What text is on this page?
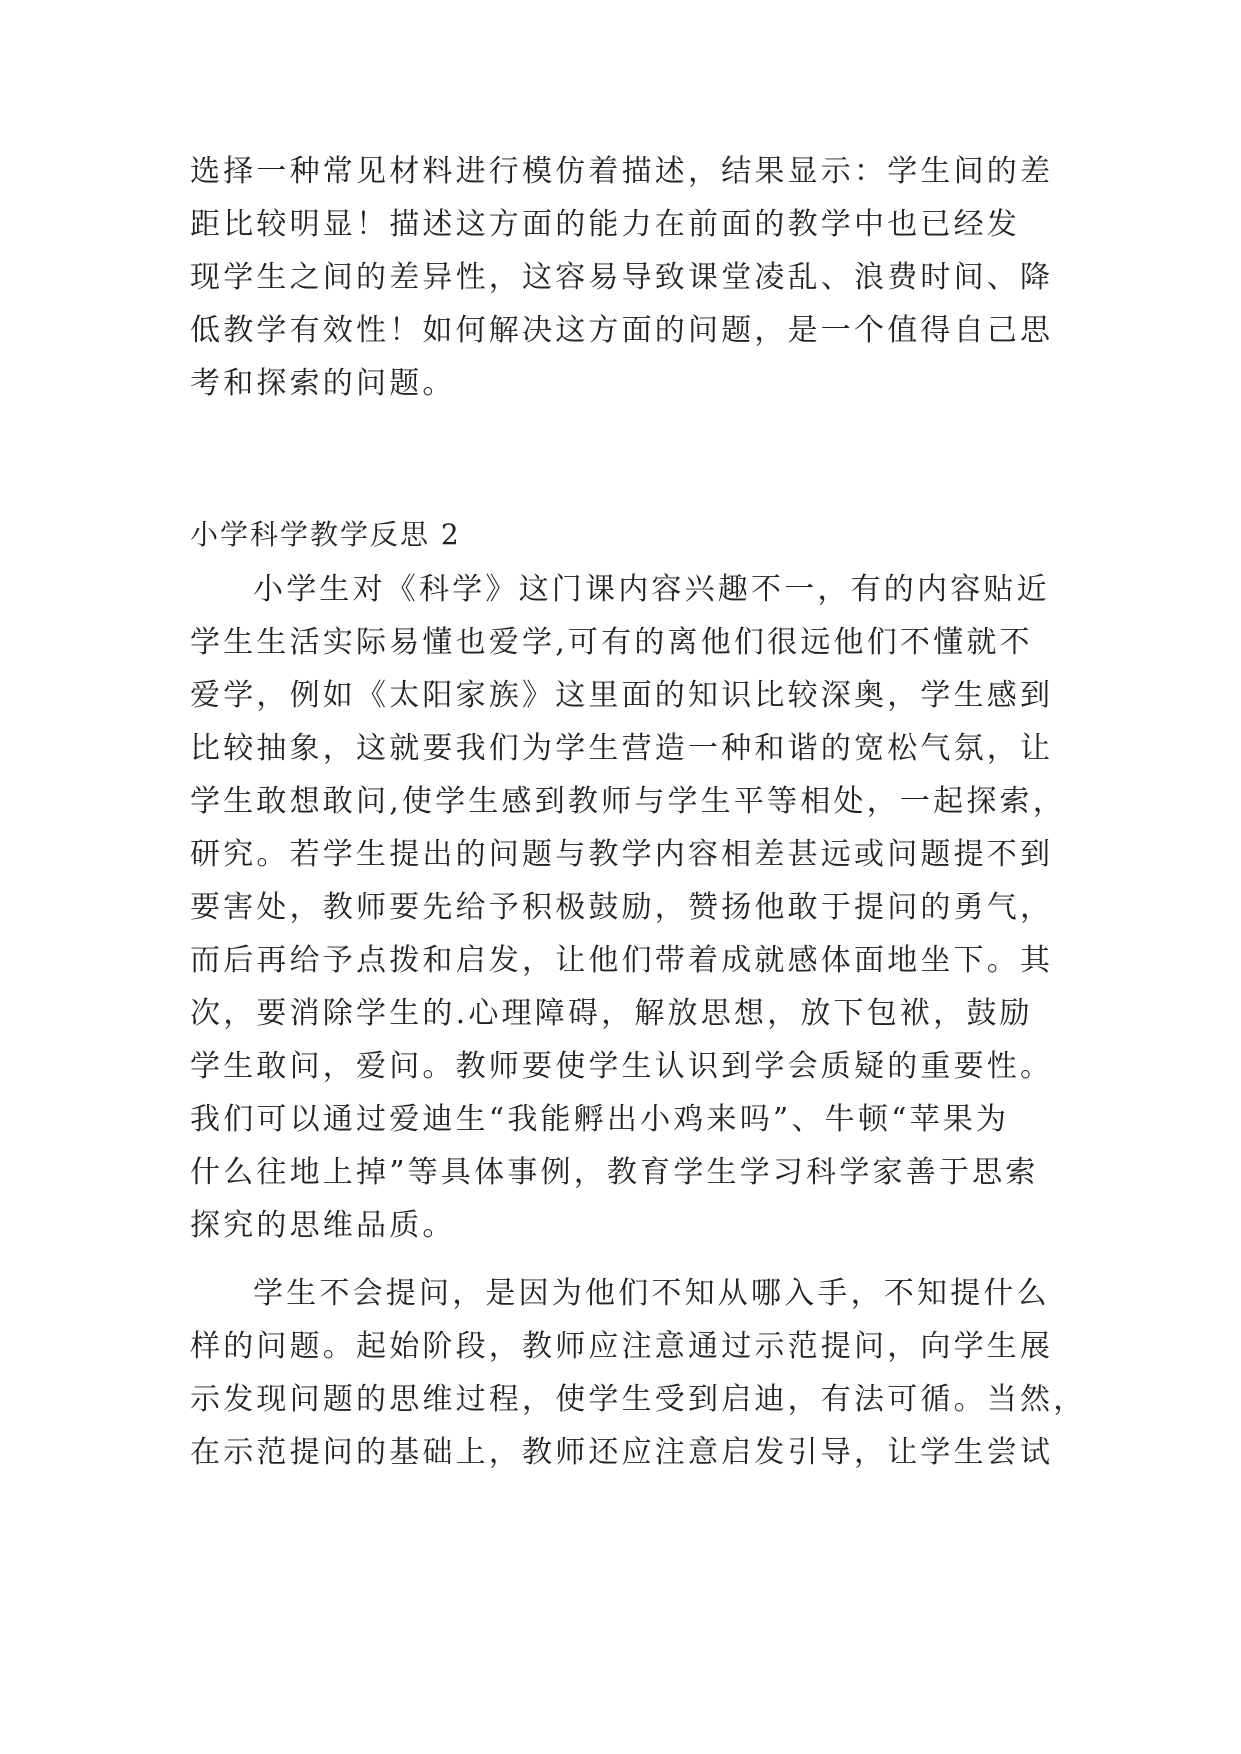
选择一种常见材料进行模仿着描述，结果显示：学生间的差
距比较明显！描述这方面的能力在前面的教学中也已经发
现学生之间的差异性，这容易导致课堂凌乱、浪费时间、降
低教学有效性！如何解决这方面的问题，是一个值得自己思
考和探索的问题。
小学科学教学反思 2
小学生对《科学》这门课内容兴趣不一，有的内容贴近
学生生活实际易懂也爱学,可有的离他们很远他们不懂就不
爱学，例如《太阳家族》这里面的知识比较深奥，学生感到
比较抽象，这就要我们为学生营造一种和谐的宽松气氛，让
学生敢想敢问,使学生感到教师与学生平等相处，一起探索，
研究。若学生提出的问题与教学内容相差甚远或问题提不到
要害处，教师要先给予积极鼓励，赞扬他敢于提问的勇气，
而后再给予点拨和启发，让他们带着成就感体面地坐下。其
次，要消除学生的.心理障碍，解放思想，放下包袱，鼓励
学生敢问，爱问。教师要使学生认识到学会质疑的重要性。
我们可以通过爱迪生“我能孵出小鸡来吗”、牛顿“苹果为
什么往地上掉”等具体事例，教育学生学习科学家善于思索
探究的思维品质。
学生不会提问，是因为他们不知从哪入手，不知提什么
样的问题。起始阶段，教师应注意通过示范提问，向学生展
示发现问题的思维过程，使学生受到启迪，有法可循。当然，
在示范提问的基础上，教师还应注意启发引导，让学生尝试
